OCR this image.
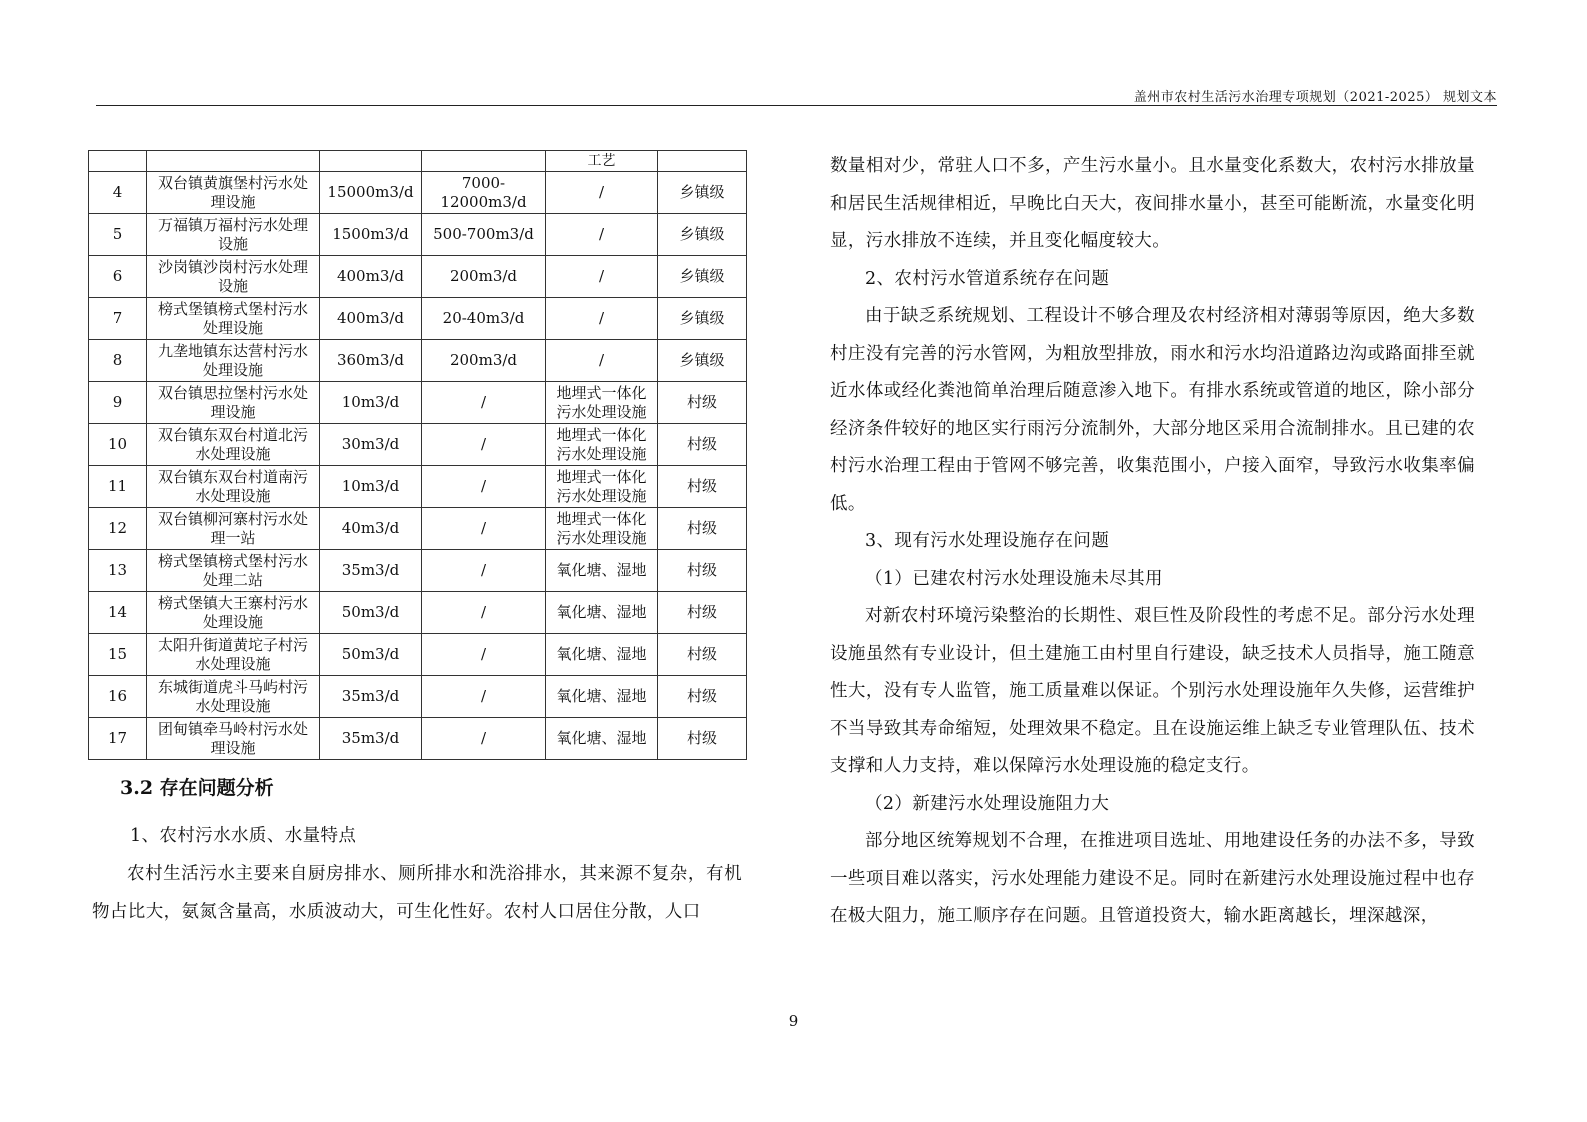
盖州市农村生活污水治理专项规划（2021-2025） 规划文本
				工艺	
4	双台镇黄旗堡村污水处理设施	15000m3/d	7000-12000m3/d	/	乡镇级
5	万福镇万福村污水处理设施	1500m3/d	500-700m3/d	/	乡镇级
6	沙岗镇沙岗村污水处理设施	400m3/d	200m3/d	/	乡镇级
7	榜式堡镇榜式堡村污水处理设施	400m3/d	20-40m3/d	/	乡镇级
8	九垄地镇东达营村污水处理设施	360m3/d	200m3/d	/	乡镇级
9	双台镇思拉堡村污水处理设施	10m3/d	/	地埋式一体化污水处理设施	村级
10	双台镇东双台村道北污水处理设施	30m3/d	/	地埋式一体化污水处理设施	村级
11	双台镇东双台村道南污水处理设施	10m3/d	/	地埋式一体化污水处理设施	村级
12	双台镇柳河寨村污水处理一站	40m3/d	/	地埋式一体化污水处理设施	村级
13	榜式堡镇榜式堡村污水处理二站	35m3/d	/	氧化塘、湿地	村级
14	榜式堡镇大王寨村污水处理设施	50m3/d	/	氧化塘、湿地	村级
15	太阳升街道黄坨子村污水处理设施	50m3/d	/	氧化塘、湿地	村级
16	东城街道虎斗马屿村污水处理设施	35m3/d	/	氧化塘、湿地	村级
17	团甸镇牵马岭村污水处理设施	35m3/d	/	氧化塘、湿地	村级
3.2 存在问题分析
1、农村污水水质、水量特点
农村生活污水主要来自厨房排水、厕所排水和洗浴排水，其来源不复杂，有机物占比大，氨氮含量高，水质波动大，可生化性好。农村人口居住分散，人口

数量相对少，常驻人口不多，产生污水量小。且水量变化系数大，农村污水排放量和居民生活规律相近，早晚比白天大，夜间排水量小，甚至可能断流，水量变化明显，污水排放不连续，并且变化幅度较大。

2、农村污水管道系统存在问题

由于缺乏系统规划、工程设计不够合理及农村经济相对薄弱等原因，绝大多数村庄没有完善的污水管网，为粗放型排放，雨水和污水均沿道路边沟或路面排至就近水体或经化粪池简单治理后随意渗入地下。有排水系统或管道的地区，除小部分经济条件较好的地区实行雨污分流制外，大部分地区采用合流制排水。且已建的农村污水治理工程由于管网不够完善，收集范围小，户接入面窄，导致污水收集率偏低。

3、现有污水处理设施存在问题

（1）已建农村污水处理设施未尽其用

对新农村环境污染整治的长期性、艰巨性及阶段性的考虑不足。部分污水处理设施虽然有专业设计，但土建施工由村里自行建设，缺乏技术人员指导，施工随意性大，没有专人监管，施工质量难以保证。个别污水处理设施年久失修，运营维护不当导致其寿命缩短，处理效果不稳定。且在设施运维上缺乏专业管理队伍、技术支撑和人力支持，难以保障污水处理设施的稳定支行。

（2）新建污水处理设施阻力大

部分地区统筹规划不合理，在推进项目选址、用地建设任务的办法不多，导致一些项目难以落实，污水处理能力建设不足。同时在新建污水处理设施过程中也存在极大阻力，施工顺序存在问题。且管道投资大，输水距离越长，埋深越深，

9
